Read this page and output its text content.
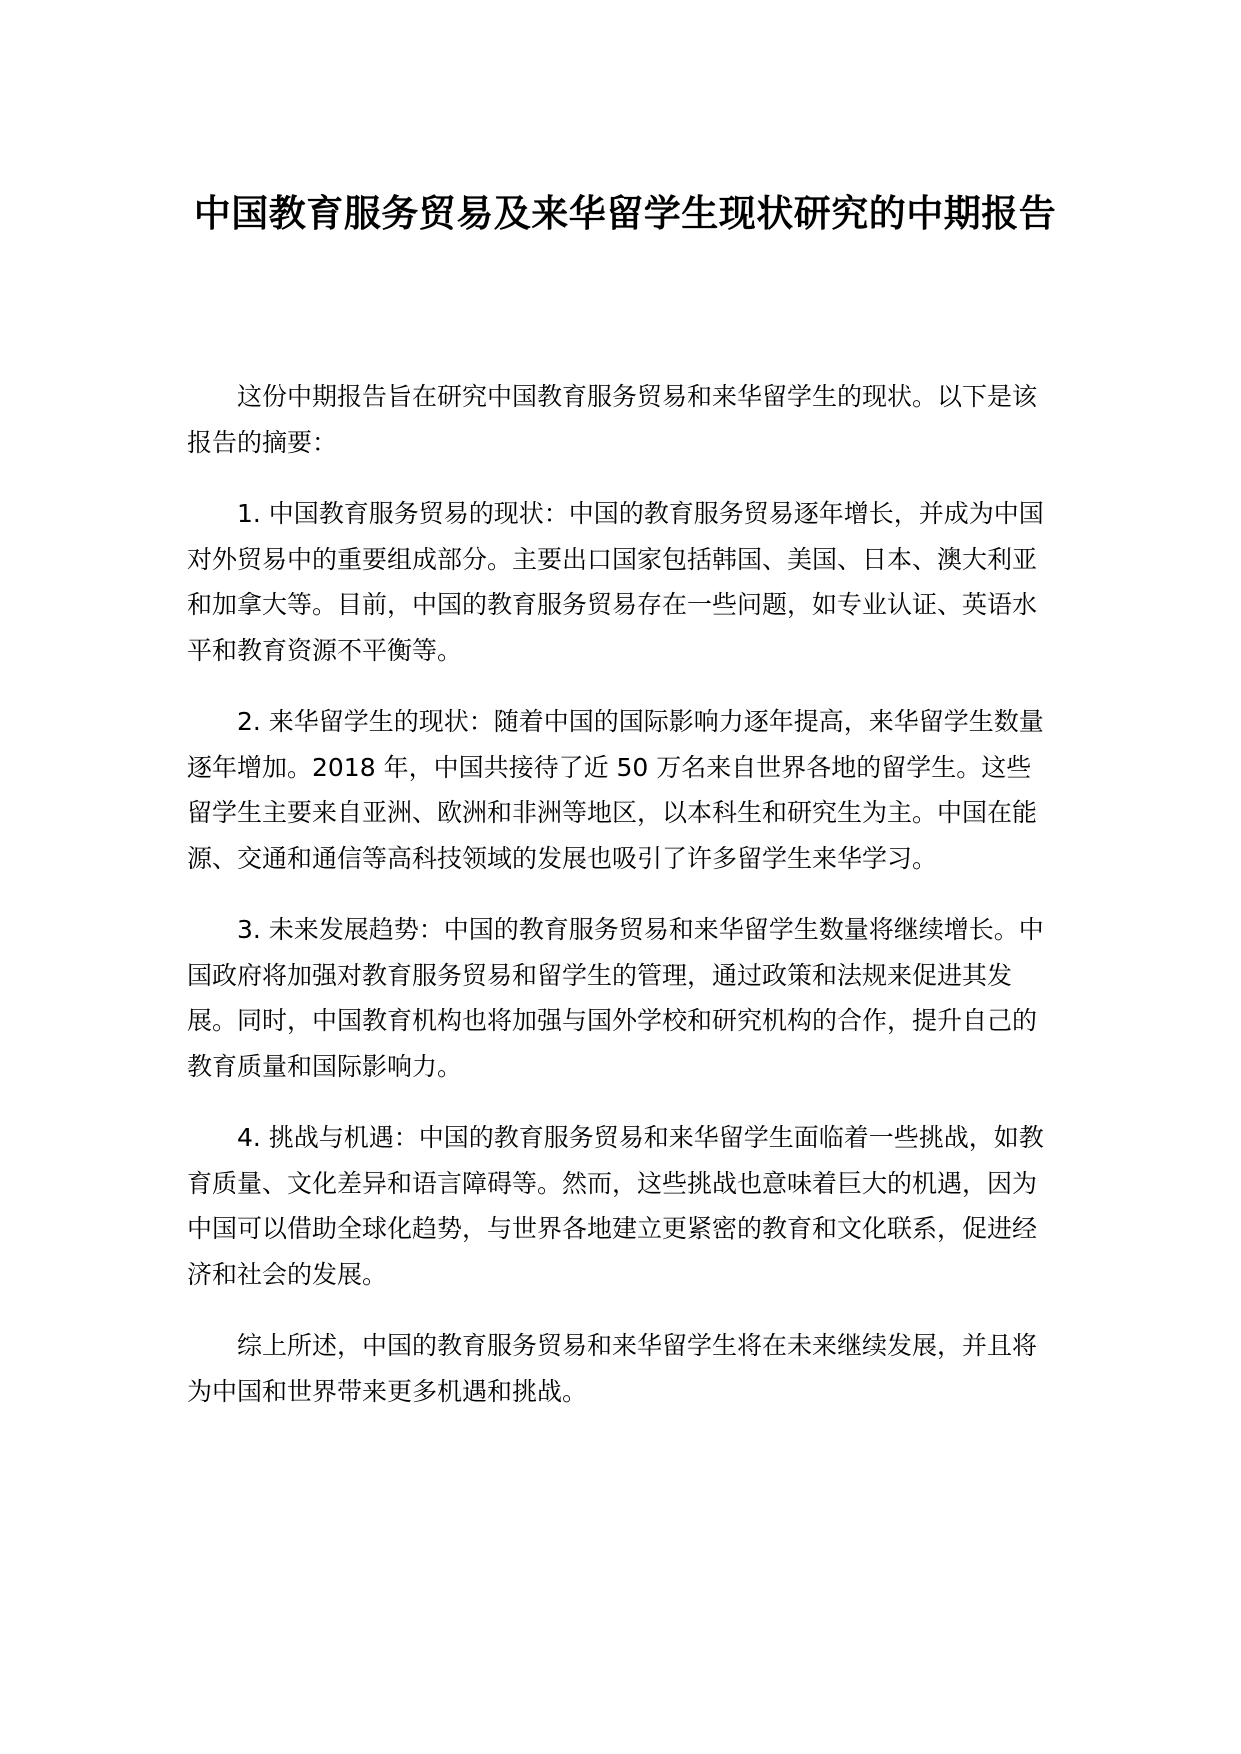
中国教育服务贸易及来华留学生现状研究的中期报告

这份中期报告旨在研究中国教育服务贸易和来华留学生的现状。以下是该报告的摘要：

1. 中国教育服务贸易的现状：中国的教育服务贸易逐年增长，并成为中国对外贸易中的重要组成部分。主要出口国家包括韩国、美国、日本、澳大利亚和加拿大等。目前，中国的教育服务贸易存在一些问题，如专业认证、英语水平和教育资源不平衡等。

2. 来华留学生的现状：随着中国的国际影响力逐年提高，来华留学生数量逐年增加。2018 年，中国共接待了近 50 万名来自世界各地的留学生。这些留学生主要来自亚洲、欧洲和非洲等地区，以本科生和研究生为主。中国在能源、交通和通信等高科技领域的发展也吸引了许多留学生来华学习。

3. 未来发展趋势：中国的教育服务贸易和来华留学生数量将继续增长。中国政府将加强对教育服务贸易和留学生的管理，通过政策和法规来促进其发展。同时，中国教育机构也将加强与国外学校和研究机构的合作，提升自己的教育质量和国际影响力。

4. 挑战与机遇：中国的教育服务贸易和来华留学生面临着一些挑战，如教育质量、文化差异和语言障碍等。然而，这些挑战也意味着巨大的机遇，因为中国可以借助全球化趋势，与世界各地建立更紧密的教育和文化联系，促进经济和社会的发展。

综上所述，中国的教育服务贸易和来华留学生将在未来继续发展，并且将为中国和世界带来更多机遇和挑战。
